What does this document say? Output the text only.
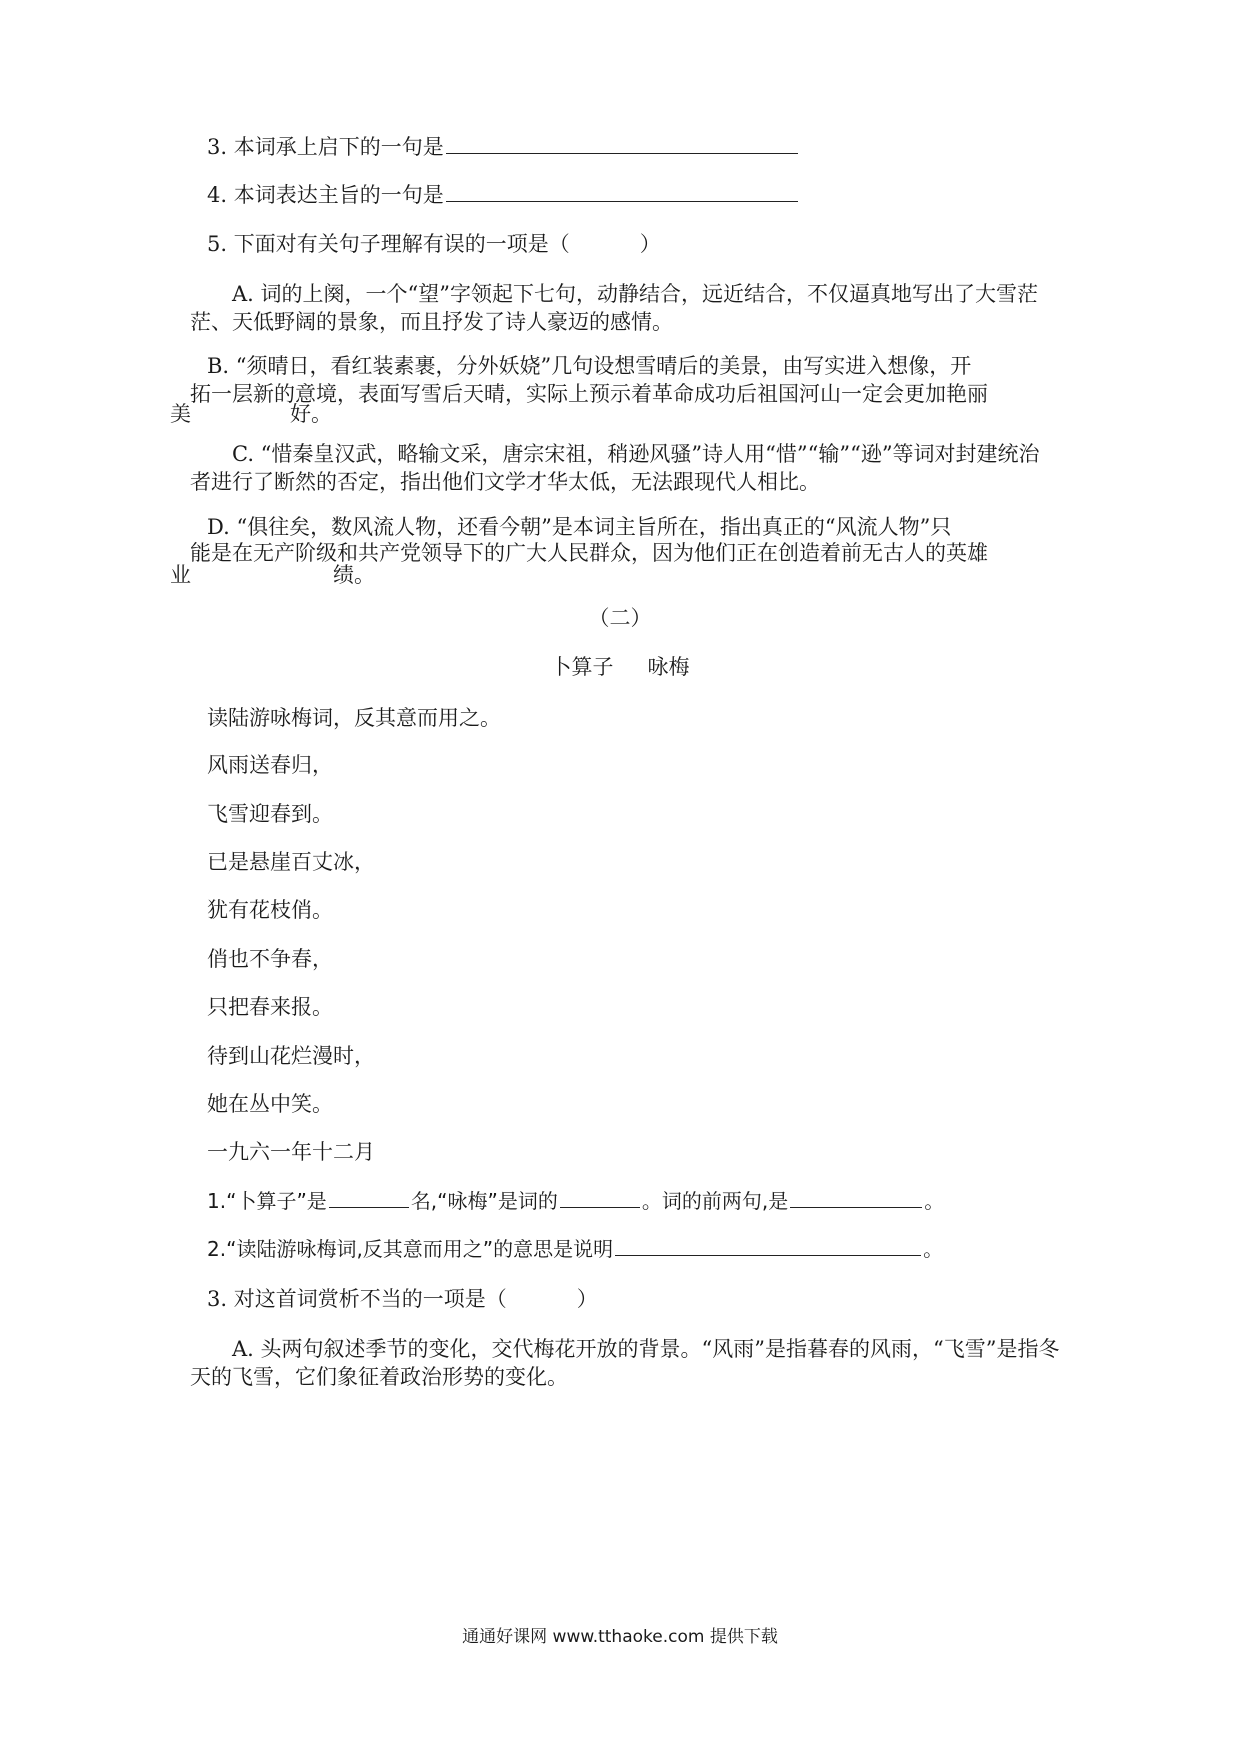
3. 本词承上启下的一句是
4. 本词表达主旨的一句是
5. 下面对有关句子理解有误的一项是（	）
A. 词的上阕，一个“望”字领起下七句，动静结合，远近结合，不仅逼真地写出了大雪茫茫、天低野阔的景象，而且抒发了诗人豪迈的感情。
B. “须晴日，看红装素裹，分外妖娆”几句设想雪晴后的美景，由写实进入想像，开
拓一层新的意境，表面写雪后天晴，实际上预示着革命成功后祖国河山一定会更加艳丽
美	好。
C. “惜秦皇汉武，略输文采，唐宗宋祖，稍逊风骚”诗人用“惜”“输”“逊”等词对封建统治者进行了断然的否定，指出他们文学才华太低，无法跟现代人相比。
D. “俱往矣，数风流人物，还看今朝”是本词主旨所在，指出真正的“风流人物”只
能是在无产阶级和共产党领导下的广大人民群众，因为他们正在创造着前无古人的英雄
业	绩。
（二）
卜算子 咏梅
读陆游咏梅词，反其意而用之。
风雨送春归，
飞雪迎春到。
已是悬崖百丈冰，
犹有花枝俏。
俏也不争春，
只把春来报。
待到山花烂漫时，
她在丛中笑。
一九六一年十二月
1.“卜算子”是	名,“咏梅”是词的	。词的前两句,是	。
2.“读陆游咏梅词,反其意而用之”的意思是说明	。
3. 对这首词赏析不当的一项是（	）
A. 头两句叙述季节的变化，交代梅花开放的背景。“风雨”是指暮春的风雨，“飞雪”是指冬天的飞雪，它们象征着政治形势的变化。
通通好课网 www.tthaoke.com 提供下载
